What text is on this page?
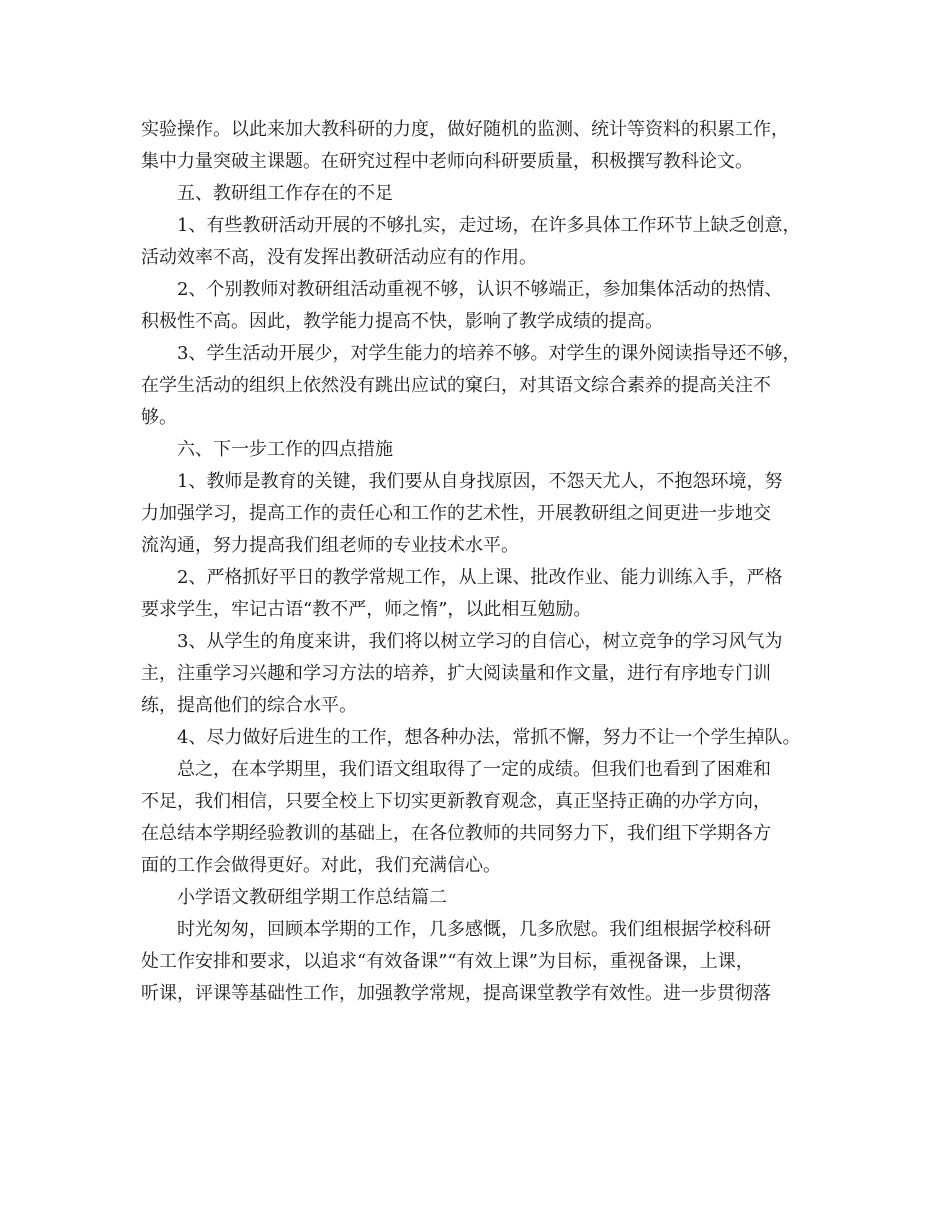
实验操作。以此来加大教科研的力度，做好随机的监测、统计等资料的积累工作，
集中力量突破主课题。在研究过程中老师向科研要质量，积极撰写教科论文。
五、教研组工作存在的不足
1、有些教研活动开展的不够扎实，走过场，在许多具体工作环节上缺乏创意，
活动效率不高，没有发挥出教研活动应有的作用。
2、个别教师对教研组活动重视不够，认识不够端正，参加集体活动的热情、
积极性不高。因此，教学能力提高不快，影响了教学成绩的提高。
3、学生活动开展少，对学生能力的培养不够。对学生的课外阅读指导还不够，
在学生活动的组织上依然没有跳出应试的窠臼，对其语文综合素养的提高关注不
够。
六、下一步工作的四点措施
1、教师是教育的关键，我们要从自身找原因，不怨天尤人，不抱怨环境，努
力加强学习，提高工作的责任心和工作的艺术性，开展教研组之间更进一步地交
流沟通，努力提高我们组老师的专业技术水平。
2、严格抓好平日的教学常规工作，从上课、批改作业、能力训练入手，严格
要求学生，牢记古语“教不严，师之惰”，以此相互勉励。
3、从学生的角度来讲，我们将以树立学习的自信心，树立竞争的学习风气为
主，注重学习兴趣和学习方法的培养，扩大阅读量和作文量，进行有序地专门训
练，提高他们的综合水平。
4、尽力做好后进生的工作，想各种办法，常抓不懈，努力不让一个学生掉队。
总之，在本学期里，我们语文组取得了一定的成绩。但我们也看到了困难和
不足，我们相信，只要全校上下切实更新教育观念，真正坚持正确的办学方向，
在总结本学期经验教训的基础上，在各位教师的共同努力下，我们组下学期各方
面的工作会做得更好。对此，我们充满信心。
小学语文教研组学期工作总结篇二
时光匆匆，回顾本学期的工作，几多感慨，几多欣慰。我们组根据学校科研
处工作安排和要求，以追求“有效备课”“有效上课”为目标，重视备课，上课，
听课，评课等基础性工作，加强教学常规，提高课堂教学有效性。进一步贯彻落
